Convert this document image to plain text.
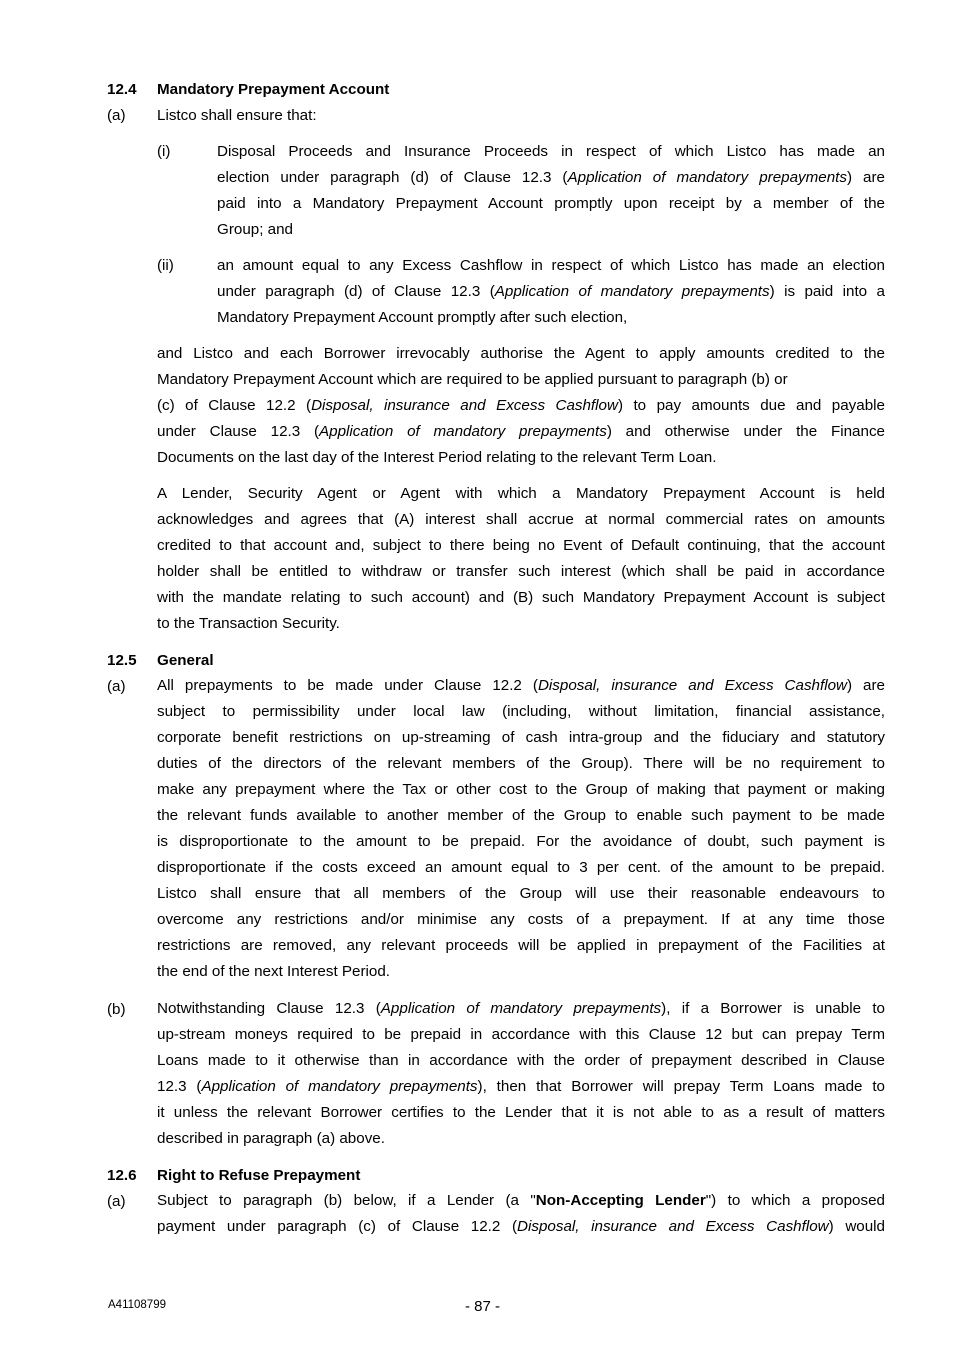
12.4 Mandatory Prepayment Account
(a) Listco shall ensure that:
(i)	Disposal Proceeds and Insurance Proceeds in respect of which Listco has made an
election under paragraph (d) of Clause 12.3 (Application of mandatory prepayments) are
paid into a Mandatory Prepayment Account promptly upon receipt by a member of the
Group; and
(ii)	an amount equal to any Excess Cashflow in respect of which Listco has made an election
under paragraph (d) of Clause 12.3 (Application of mandatory prepayments) is paid into a
Mandatory Prepayment Account promptly after such election,
and Listco and each Borrower irrevocably authorise the Agent to apply amounts credited to the
Mandatory Prepayment Account which are required to be applied pursuant to paragraph (b) or
(c) of Clause 12.2 (Disposal, insurance and Excess Cashflow) to pay amounts due and payable
under Clause 12.3 (Application of mandatory prepayments) and otherwise under the Finance
Documents on the last day of the Interest Period relating to the relevant Term Loan.
A Lender, Security Agent or Agent with which a Mandatory Prepayment Account is held
acknowledges and agrees that (A) interest shall accrue at normal commercial rates on amounts
credited to that account and, subject to there being no Event of Default continuing, that the account
holder shall be entitled to withdraw or transfer such interest (which shall be paid in accordance
with the mandate relating to such account) and (B) such Mandatory Prepayment Account is subject
to the Transaction Security.
12.5 General
(a) All prepayments to be made under Clause 12.2 (Disposal, insurance and Excess Cashflow) are
subject to permissibility under local law (including, without limitation, financial assistance,
corporate benefit restrictions on up-streaming of cash intra-group and the fiduciary and statutory
duties of the directors of the relevant members of the Group). There will be no requirement to
make any prepayment where the Tax or other cost to the Group of making that payment or making
the relevant funds available to another member of the Group to enable such payment to be made
is disproportionate to the amount to be prepaid. For the avoidance of doubt, such payment is
disproportionate if the costs exceed an amount equal to 3 per cent. of the amount to be prepaid.
Listco shall ensure that all members of the Group will use their reasonable endeavours to
overcome any restrictions and/or minimise any costs of a prepayment. If at any time those
restrictions are removed, any relevant proceeds will be applied in prepayment of the Facilities at
the end of the next Interest Period.
(b) Notwithstanding Clause 12.3 (Application of mandatory prepayments), if a Borrower is unable to
up-stream moneys required to be prepaid in accordance with this Clause 12 but can prepay Term
Loans made to it otherwise than in accordance with the order of prepayment described in Clause
12.3 (Application of mandatory prepayments), then that Borrower will prepay Term Loans made to
it unless the relevant Borrower certifies to the Lender that it is not able to as a result of matters
described in paragraph (a) above.
12.6 Right to Refuse Prepayment
(a) Subject to paragraph (b) below, if a Lender (a "Non-Accepting Lender") to which a proposed
payment under paragraph (c) of Clause 12.2 (Disposal, insurance and Excess Cashflow) would
A41108799	- 87 -
